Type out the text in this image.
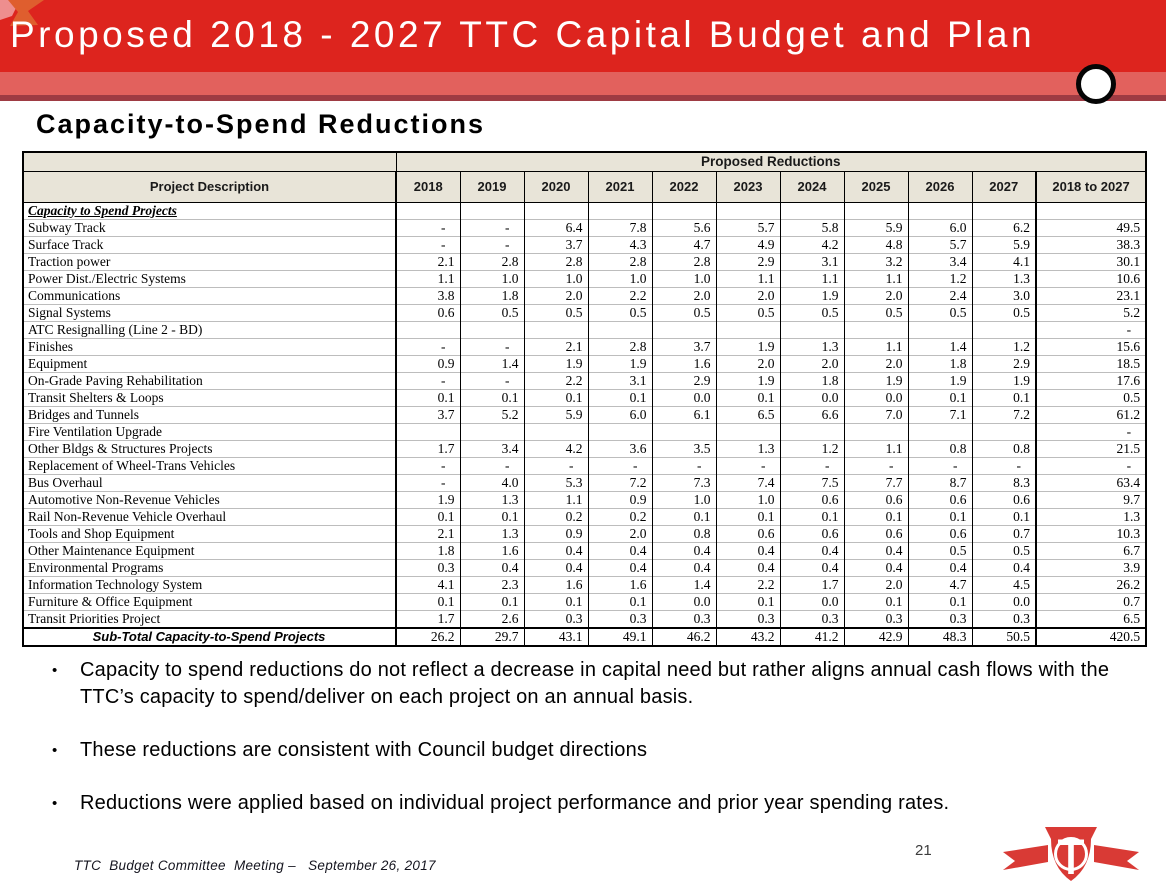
Proposed 2018 - 2027 TTC Capital Budget and Plan
Capacity-to-Spend Reductions
	Proposed Reductions										
Project Description	2018	2019	2020	2021	2022	2023	2024	2025	2026	2027	2018 to 2027
Capacity to Spend Projects											
Subway Track	-	-	6.4	7.8	5.6	5.7	5.8	5.9	6.0	6.2	49.5
Surface Track	-	-	3.7	4.3	4.7	4.9	4.2	4.8	5.7	5.9	38.3
Traction power	2.1	2.8	2.8	2.8	2.8	2.9	3.1	3.2	3.4	4.1	30.1
Power Dist./Electric Systems	1.1	1.0	1.0	1.0	1.0	1.1	1.1	1.1	1.2	1.3	10.6
Communications	3.8	1.8	2.0	2.2	2.0	2.0	1.9	2.0	2.4	3.0	23.1
Signal Systems	0.6	0.5	0.5	0.5	0.5	0.5	0.5	0.5	0.5	0.5	5.2
ATC Resignalling (Line 2 - BD)											-
Finishes	-	-	2.1	2.8	3.7	1.9	1.3	1.1	1.4	1.2	15.6
Equipment	0.9	1.4	1.9	1.9	1.6	2.0	2.0	2.0	1.8	2.9	18.5
On-Grade Paving Rehabilitation	-	-	2.2	3.1	2.9	1.9	1.8	1.9	1.9	1.9	17.6
Transit Shelters & Loops	0.1	0.1	0.1	0.1	0.0	0.1	0.0	0.0	0.1	0.1	0.5
Bridges and Tunnels	3.7	5.2	5.9	6.0	6.1	6.5	6.6	7.0	7.1	7.2	61.2
Fire Ventilation Upgrade											-
Other Bldgs & Structures Projects	1.7	3.4	4.2	3.6	3.5	1.3	1.2	1.1	0.8	0.8	21.5
Replacement of Wheel-Trans Vehicles	-	-	-	-	-	-	-	-	-	-	-
Bus Overhaul	-	4.0	5.3	7.2	7.3	7.4	7.5	7.7	8.7	8.3	63.4
Automotive Non-Revenue Vehicles	1.9	1.3	1.1	0.9	1.0	1.0	0.6	0.6	0.6	0.6	9.7
Rail Non-Revenue Vehicle Overhaul	0.1	0.1	0.2	0.2	0.1	0.1	0.1	0.1	0.1	0.1	1.3
Tools and Shop Equipment	2.1	1.3	0.9	2.0	0.8	0.6	0.6	0.6	0.6	0.7	10.3
Other Maintenance Equipment	1.8	1.6	0.4	0.4	0.4	0.4	0.4	0.4	0.5	0.5	6.7
Environmental Programs	0.3	0.4	0.4	0.4	0.4	0.4	0.4	0.4	0.4	0.4	3.9
Information Technology System	4.1	2.3	1.6	1.6	1.4	2.2	1.7	2.0	4.7	4.5	26.2
Furniture & Office Equipment	0.1	0.1	0.1	0.1	0.0	0.1	0.0	0.1	0.1	0.0	0.7
Transit Priorities Project	1.7	2.6	0.3	0.3	0.3	0.3	0.3	0.3	0.3	0.3	6.5
Sub-Total Capacity-to-Spend Projects	26.2	29.7	43.1	49.1	46.2	43.2	41.2	42.9	48.3	50.5	420.5
•	Capacity to spend reductions do not reflect a decrease in capital need but rather aligns annual cash flows with the TTC’s capacity to spend/deliver on each project on an annual basis.
•	These reductions are consistent with Council budget directions
•	Reductions were applied based on individual project performance and prior year spending rates.
TTC  Budget Committee  Meeting –   September 26, 2017
21
